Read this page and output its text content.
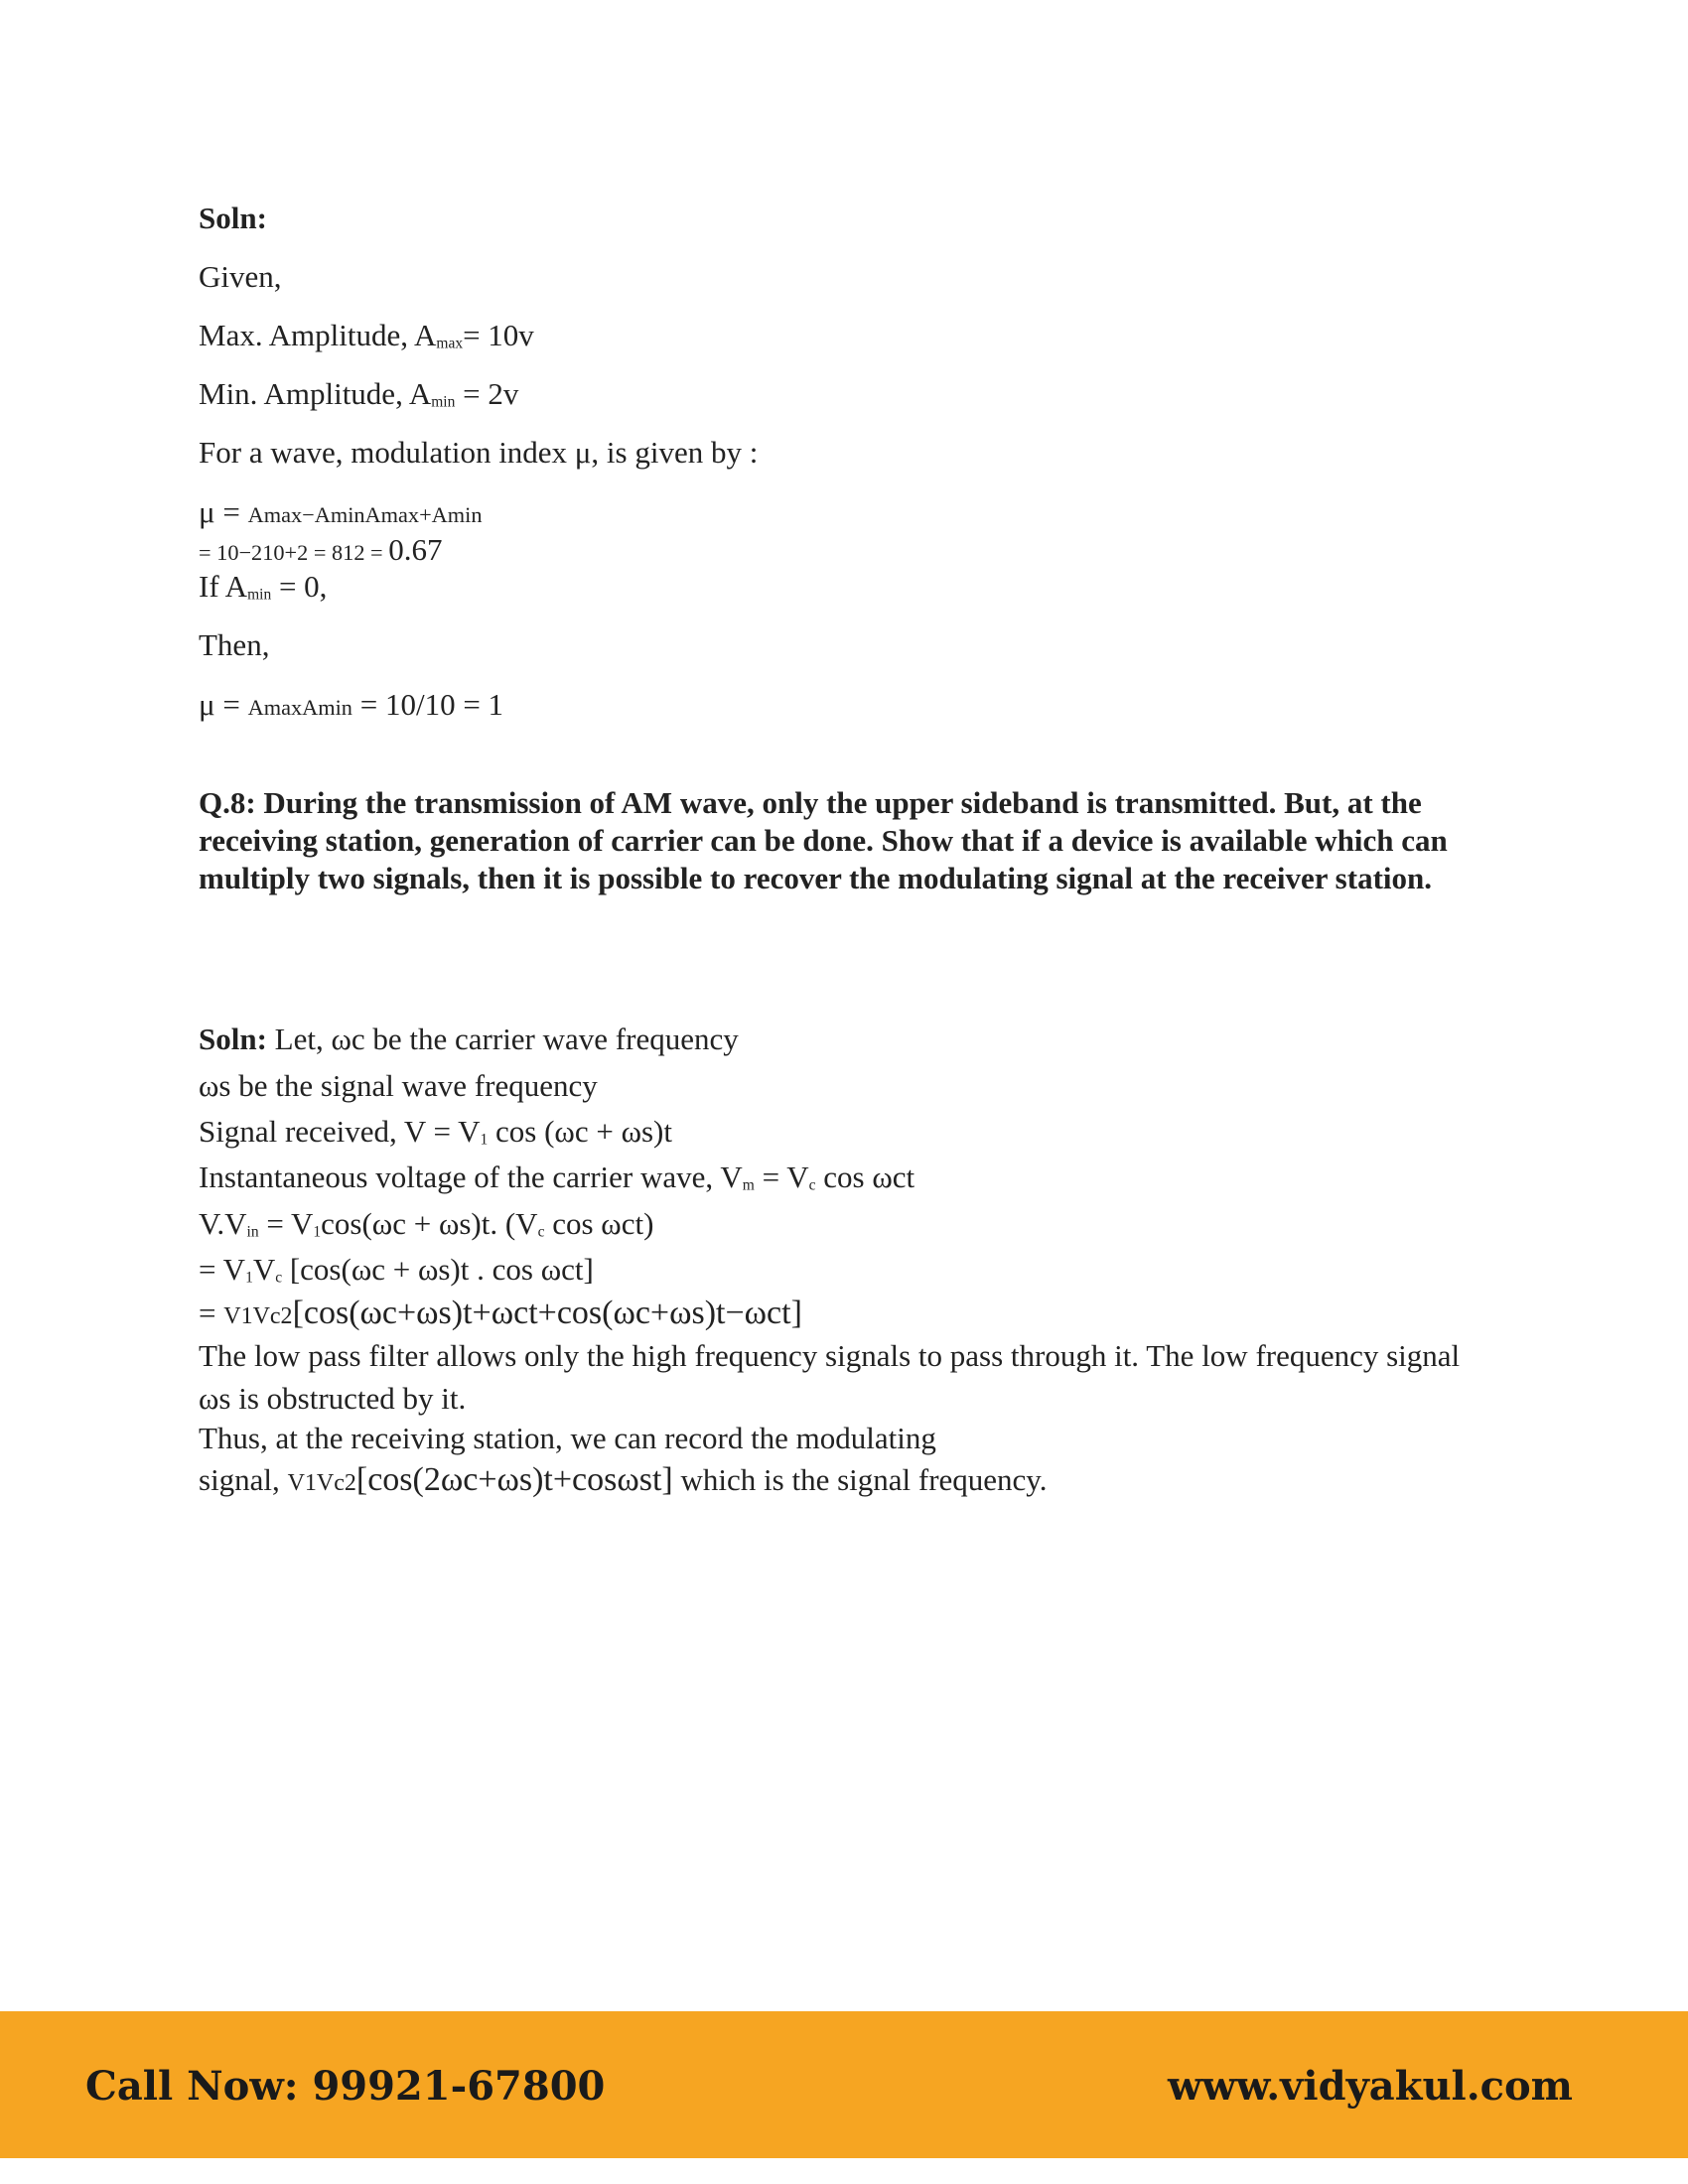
Soln:
Given,
Max. Amplitude, Amax= 10v
Min. Amplitude, Amin = 2v
For a wave, modulation index μ, is given by :
μ = Amax−AminAmax+Amin
= 10−210+2 = 812 = 0.67
If Amin = 0,
Then,
μ = AmaxAmin = 10/10 = 1
Q.8: During the transmission of AM wave, only the upper sideband is transmitted. But, at the receiving station, generation of carrier can be done. Show that if a device is available which can multiply two signals, then it is possible to recover the modulating signal at the receiver station.
Soln: Let, ωc be the carrier wave frequency
ωs be the signal wave frequency
Signal received, V = V1 cos (ωc + ωs)t
Instantaneous voltage of the carrier wave, Vm = Vc cos ωct
V.Vin = V1cos(ωc + ωs)t. (Vc cos ωct)
= V1Vc [cos(ωc + ωs)t . cos ωct]
= V1Vc2[cos(ωc+ωs)t+ωct+cos(ωc+ωs)t−ωct]
The low pass filter allows only the high frequency signals to pass through it. The low frequency signal ωs is obstructed by it.
Thus, at the receiving station, we can record the modulating
signal, V1Vc2[cos(2ωc+ωs)t+cosωst] which is the signal frequency.
Call Now: 99921-67800	www.vidyakul.com
